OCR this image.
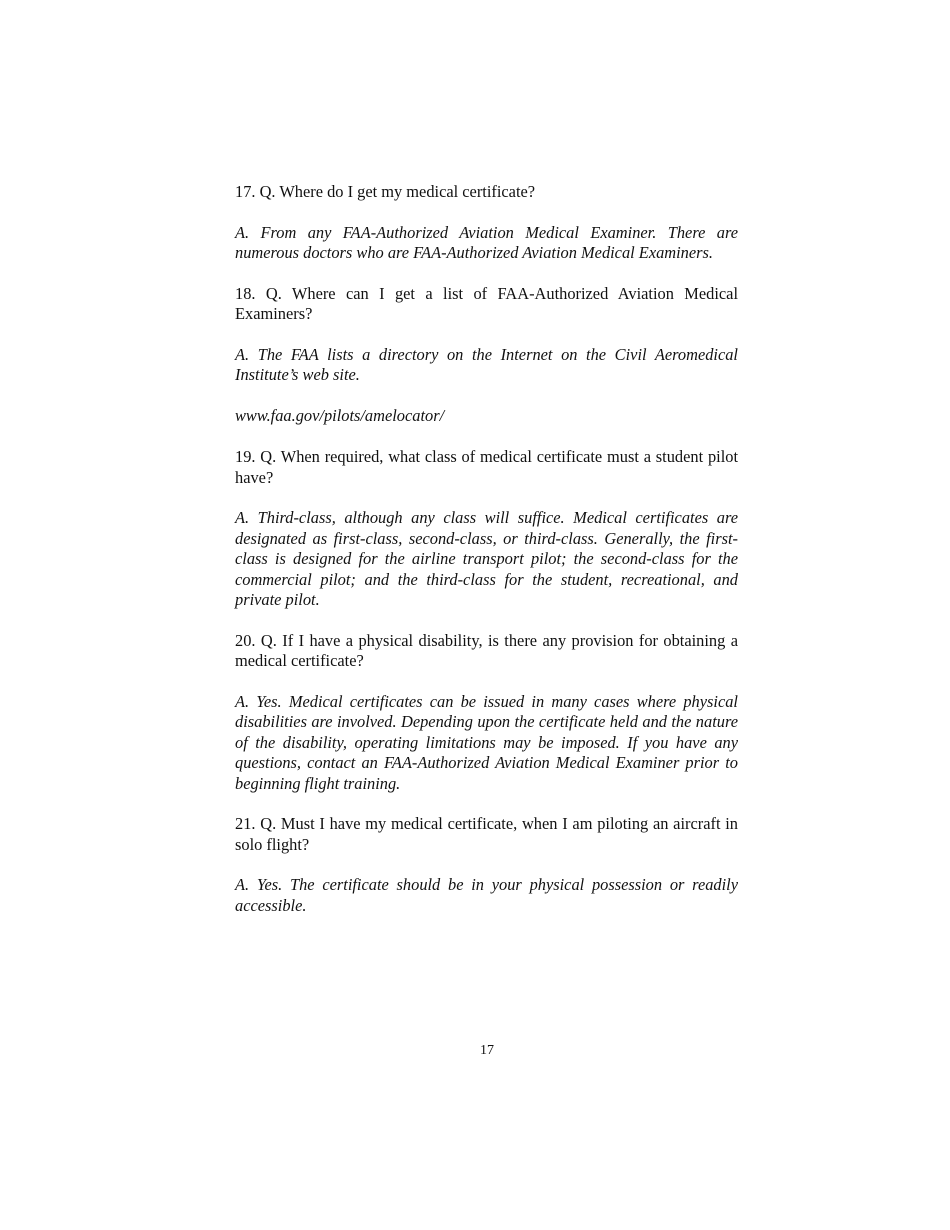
17. Q. Where do I get my medical certificate?

A. From any FAA-Authorized Aviation Medical Examiner. There are numerous doctors who are FAA-Authorized Aviation Medical Examiners.

18. Q. Where can I get a list of FAA-Authorized Aviation Medical Examiners?

A. The FAA lists a directory on the Internet on the Civil Aeromedical Institute’s web site.

www.faa.gov/pilots/amelocator/

19. Q. When required, what class of medical certificate must a student pilot have?

A. Third-class, although any class will suffice. Medical certificates are designated as first-class, second-class, or third-class. Generally, the first-class is designed for the airline transport pilot; the second-class for the commercial pilot; and the third-class for the student, recreational, and private pilot.

20. Q. If I have a physical disability, is there any provision for obtaining a medical certificate?

A. Yes. Medical certificates can be issued in many cases where physical disabilities are involved. Depending upon the certificate held and the nature of the disability, operating limitations may be imposed. If you have any questions, contact an FAA-Authorized Aviation Medical Examiner prior to beginning flight training.

21. Q. Must I have my medical certificate, when I am piloting an aircraft in solo flight?

A. Yes. The certificate should be in your physical possession or readily accessible.

17
